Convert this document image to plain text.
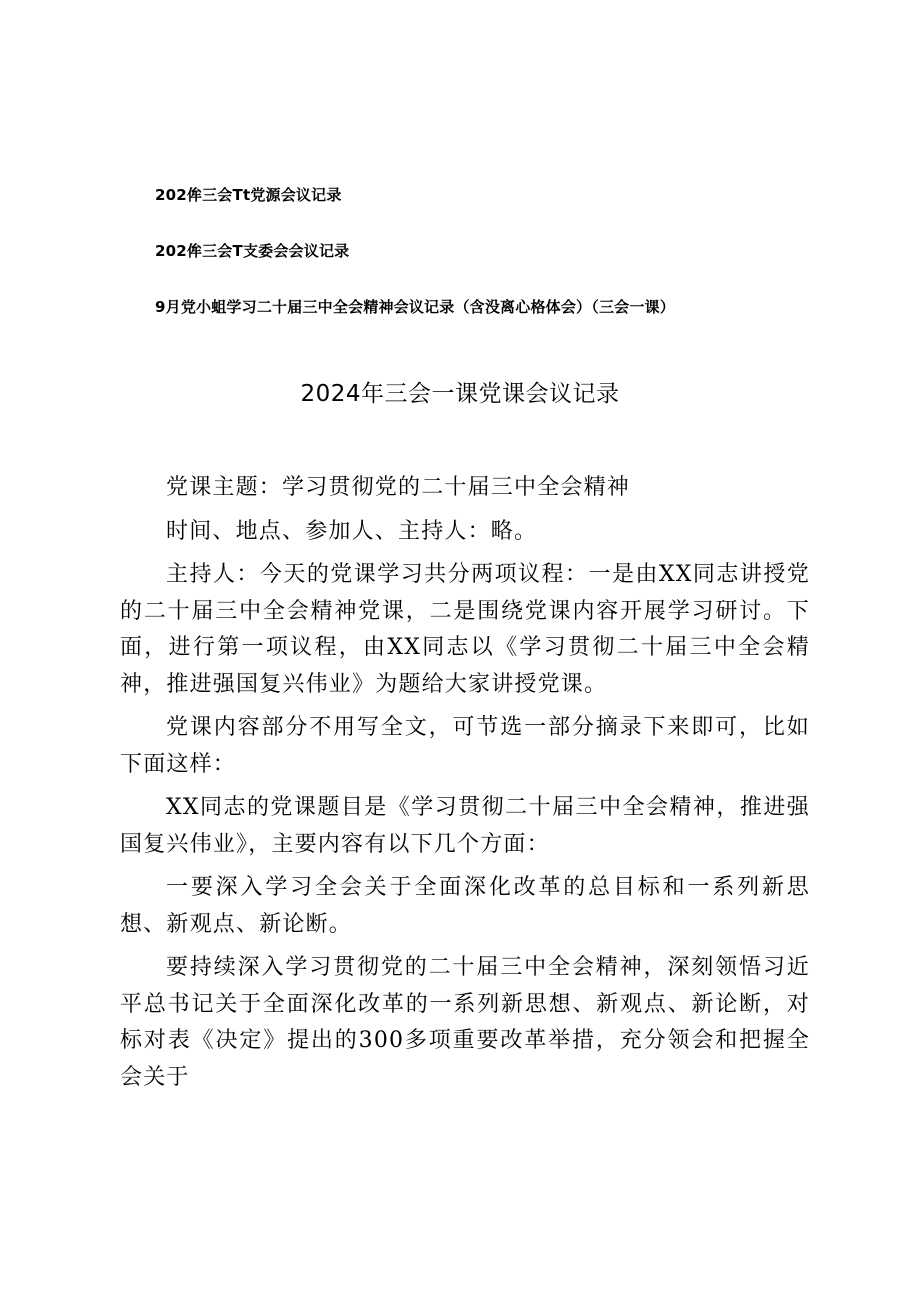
202侔三会Tt党源会议记录
202侔三会T支委会会议记录
9月党小蛆学习二十届三中全会精神会议记录（含没离心格体会）（三会一课）
2024年三会一课党课会议记录

党课主题：学习贯彻党的二十届三中全会精神

时间、地点、参加人、主持人：略。

主持人：今天的党课学习共分两项议程：一是由XX同志讲授党的二十届三中全会精神党课，二是围绕党课内容开展学习研讨。下面，进行第一项议程，由XX同志以《学习贯彻二十届三中全会精神，推进强国复兴伟业》为题给大家讲授党课。

党课内容部分不用写全文，可节选一部分摘录下来即可，比如下面这样：

XX同志的党课题目是《学习贯彻二十届三中全会精神，推进强国复兴伟业》，主要内容有以下几个方面：

一要深入学习全会关于全面深化改革的总目标和一系列新思想、新观点、新论断。

要持续深入学习贯彻党的二十届三中全会精神，深刻领悟习近平总书记关于全面深化改革的一系列新思想、新观点、新论断，对标对表《决定》提出的300多项重要改革举措，充分领会和把握全会关于
